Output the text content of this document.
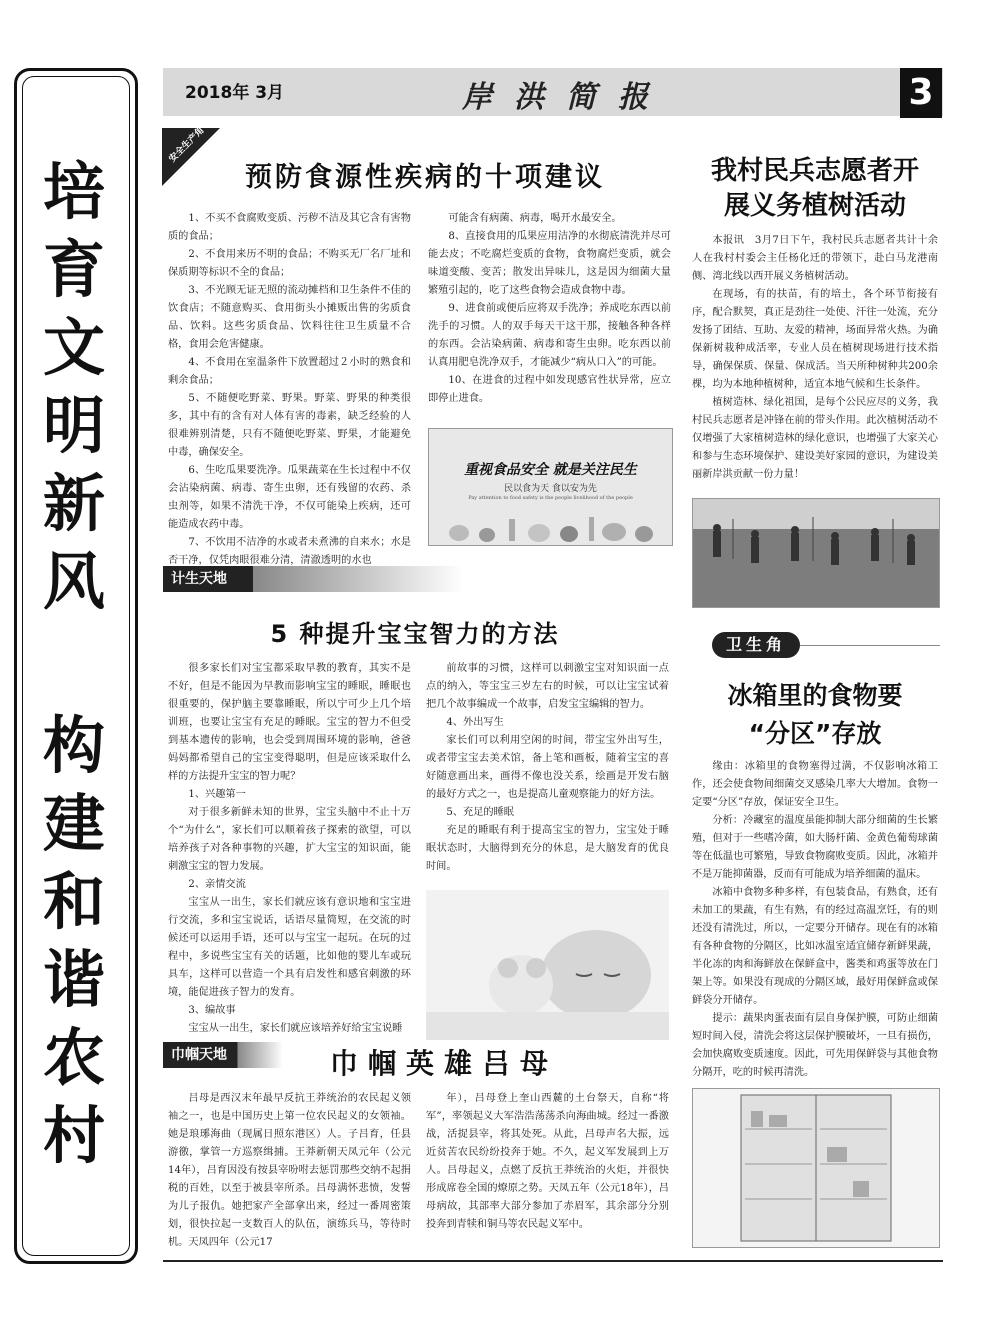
培
育
文
明
新
风
构
建
和
谐
农
村
2018年 3月	岸洪简报	3
安全生产角
预防食源性疾病的十项建议

1、不买不食腐败变质、污秽不洁及其它含有害物质的食品；

2、不食用来历不明的食品；不购买无厂名厂址和保质期等标识不全的食品；

3、不光顾无证无照的流动摊档和卫生条件不佳的饮食店；不随意购买、食用街头小摊贩出售的劣质食品、饮料。这些劣质食品、饮料往往卫生质量不合格，食用会危害健康。

4、不食用在室温条件下放置超过２小时的熟食和剩余食品；

5、不随便吃野菜、野果。野菜、野果的种类很多，其中有的含有对人体有害的毒素，缺乏经验的人很难辨别清楚，只有不随便吃野菜、野果，才能避免中毒，确保安全。

6、生吃瓜果要洗净。瓜果蔬菜在生长过程中不仅会沾染病菌、病毒、寄生虫卵，还有残留的农药、杀虫剂等，如果不清洗干净，不仅可能染上疾病，还可能造成农药中毒。

7、不饮用不洁净的水或者未煮沸的自来水；水是否干净，仅凭肉眼很难分清，清澈透明的水也

可能含有病菌、病毒，喝开水最安全。

8、直接食用的瓜果应用洁净的水彻底清洗并尽可能去皮；不吃腐烂变质的食物，食物腐烂变质，就会味道变酸、变苦；散发出异味儿，这是因为细菌大量繁殖引起的，吃了这些食物会造成食物中毒。

9、进食前或便后应将双手洗净；养成吃东西以前洗手的习惯。人的双手每天干这干那，接触各种各样的东西。会沾染病菌、病毒和寄生虫卵。吃东西以前认真用肥皂洗净双手，才能减少“病从口入”的可能。

10、在进食的过程中如发现感官性状异常，应立即停止进食。

重视食品安全 就是关注民生
民以食为天 食以安为先
Pay attention to food safety is the people livelihood of the people
我村民兵志愿者开
展义务植树活动

本报讯　3月7日下午，我村民兵志愿者共计十余人在我村村委会主任杨化迁的带领下，赴白马龙港南侧、湾北线以西开展义务植树活动。

在现场，有的扶苗，有的培土，各个环节衔接有序，配合默契，真正是劲往一处使、汗往一处流，充分发扬了团结、互助、友爱的精神，场面异常火热。为确保新树栽种成活率，专业人员在植树现场进行技术指导，确保保质、保量、保成活。当天所种树种共200余棵，均为本地种植树种，适宜本地气候和生长条件。

植树造林、绿化祖国，是每个公民应尽的义务，我村民兵志愿者是冲锋在前的带头作用。此次植树活动不仅增强了大家植树造林的绿化意识，也增强了大家关心和参与生态环境保护、建设美好家园的意识，为建设美丽新岸洪贡献一份力量！

计生天地
5 种提升宝宝智力的方法

很多家长们对宝宝都采取早教的教育，其实不是不好，但是不能因为早教而影响宝宝的睡眠，睡眠也很重要的，保护脑主要靠睡眠，所以宁可少上几个培训班，也要让宝宝有充足的睡眠。宝宝的智力不但受到基本遗传的影响，也会受到周围环境的影响，爸爸妈妈都希望自己的宝宝变得聪明，但是应该采取什么样的方法提升宝宝的智力呢？

1、兴趣第一

对于很多新鲜未知的世界，宝宝头脑中不止十万个“为什么”，家长们可以顺着孩子探索的欲望，可以培养孩子对各种事物的兴趣，扩大宝宝的知识面，能刺激宝宝的智力发展。

2、亲情交流

宝宝从一出生，家长们就应该有意识地和宝宝进行交流，多和宝宝说话，话语尽量简短，在交流的时候还可以运用手语，还可以与宝宝一起玩。在玩的过程中，多说些宝宝有关的话题，比如他的婴儿车或玩具车，这样可以营造一个具有启发性和感官刺激的环境，能促进孩子智力的发育。

3、编故事

宝宝从一出生，家长们就应该培养好给宝宝说睡

前故事的习惯，这样可以刺激宝宝对知识面一点点的纳入，等宝宝三岁左右的时候，可以让宝宝试着把几个故事编成一个故事，启发宝宝编辑的智力。

4、外出写生

家长们可以利用空闲的时间，带宝宝外出写生，或者带宝宝去美术馆，备上笔和画板，随着宝宝的喜好随意画出来，画得不像也没关系，绘画是开发右脑的最好方式之一，也是提高儿童观察能力的好方法。

5、充足的睡眠

充足的睡眠有利于提高宝宝的智力，宝宝处于睡眠状态时，大脑得到充分的休息，是大脑发育的优良时间。

卫生角
冰箱里的食物要
“分区”存放

缘由：冰箱里的食物塞得过满，不仅影响冰箱工作，还会使食物间细菌交叉感染几率大大增加。食物一定要“分区”存放，保证安全卫生。

分析：冷藏室的温度虽能抑制大部分细菌的生长繁殖，但对于一些嗜冷菌，如大肠杆菌、金黄色葡萄球菌等在低温也可繁殖，导致食物腐败变质。因此，冰箱并不是万能抑菌器，反而有可能成为培养细菌的温床。

冰箱中食物多种多样，有包装食品，有熟食，还有未加工的果蔬，有生有熟，有的经过高温烹饪，有的则还没有清洗过，所以，一定要分开储存。现在有的冰箱有各种食物的分隔区，比如冰温室适宜储存新鲜果蔬，半化冻的肉和海鲜放在保鲜盒中，酱类和鸡蛋等放在门架上等。如果没有现成的分隔区域，最好用保鲜盒或保鲜袋分开储存。

提示：蔬果肉蛋表面有层自身保护膜，可防止细菌短时间入侵，清洗会将这层保护膜破坏，一旦有损伤，会加快腐败变质速度。因此，可先用保鲜袋与其他食物分隔开，吃的时候再清洗。

巾帼天地	巾帼英雄吕母

吕母是西汉末年最早反抗王莽统治的农民起义领袖之一，也是中国历史上第一位农民起义的女领袖。她是琅琊海曲（现属日照东港区）人。子吕育，任县游徼，掌管一方巡察缉捕。王莽新朝天凤元年（公元14年），吕育因没有按县宰吩咐去惩罚那些交纳不起捐税的百姓，以至于被县宰所杀。吕母满怀悲愤，发誓为儿子报仇。她把家产全部拿出来，经过一番周密策划，很快拉起一支数百人的队伍，演练兵马，等待时机。天凤四年（公元17

年），吕母登上奎山西麓的土台祭天，自称“将军”，率领起义大军浩浩荡荡杀向海曲城。经过一番激战，活捉县宰，将其处死。从此，吕母声名大振，远近贫苦农民纷纷投奔于她。不久，起义军发展到上万人。吕母起义，点燃了反抗王莽统治的火炬，并很快形成席卷全国的燎原之势。天凤五年（公元18年），吕母病故，其部率大部分参加了赤眉军，其余部分分别投奔到青犊和铜马等农民起义军中。
